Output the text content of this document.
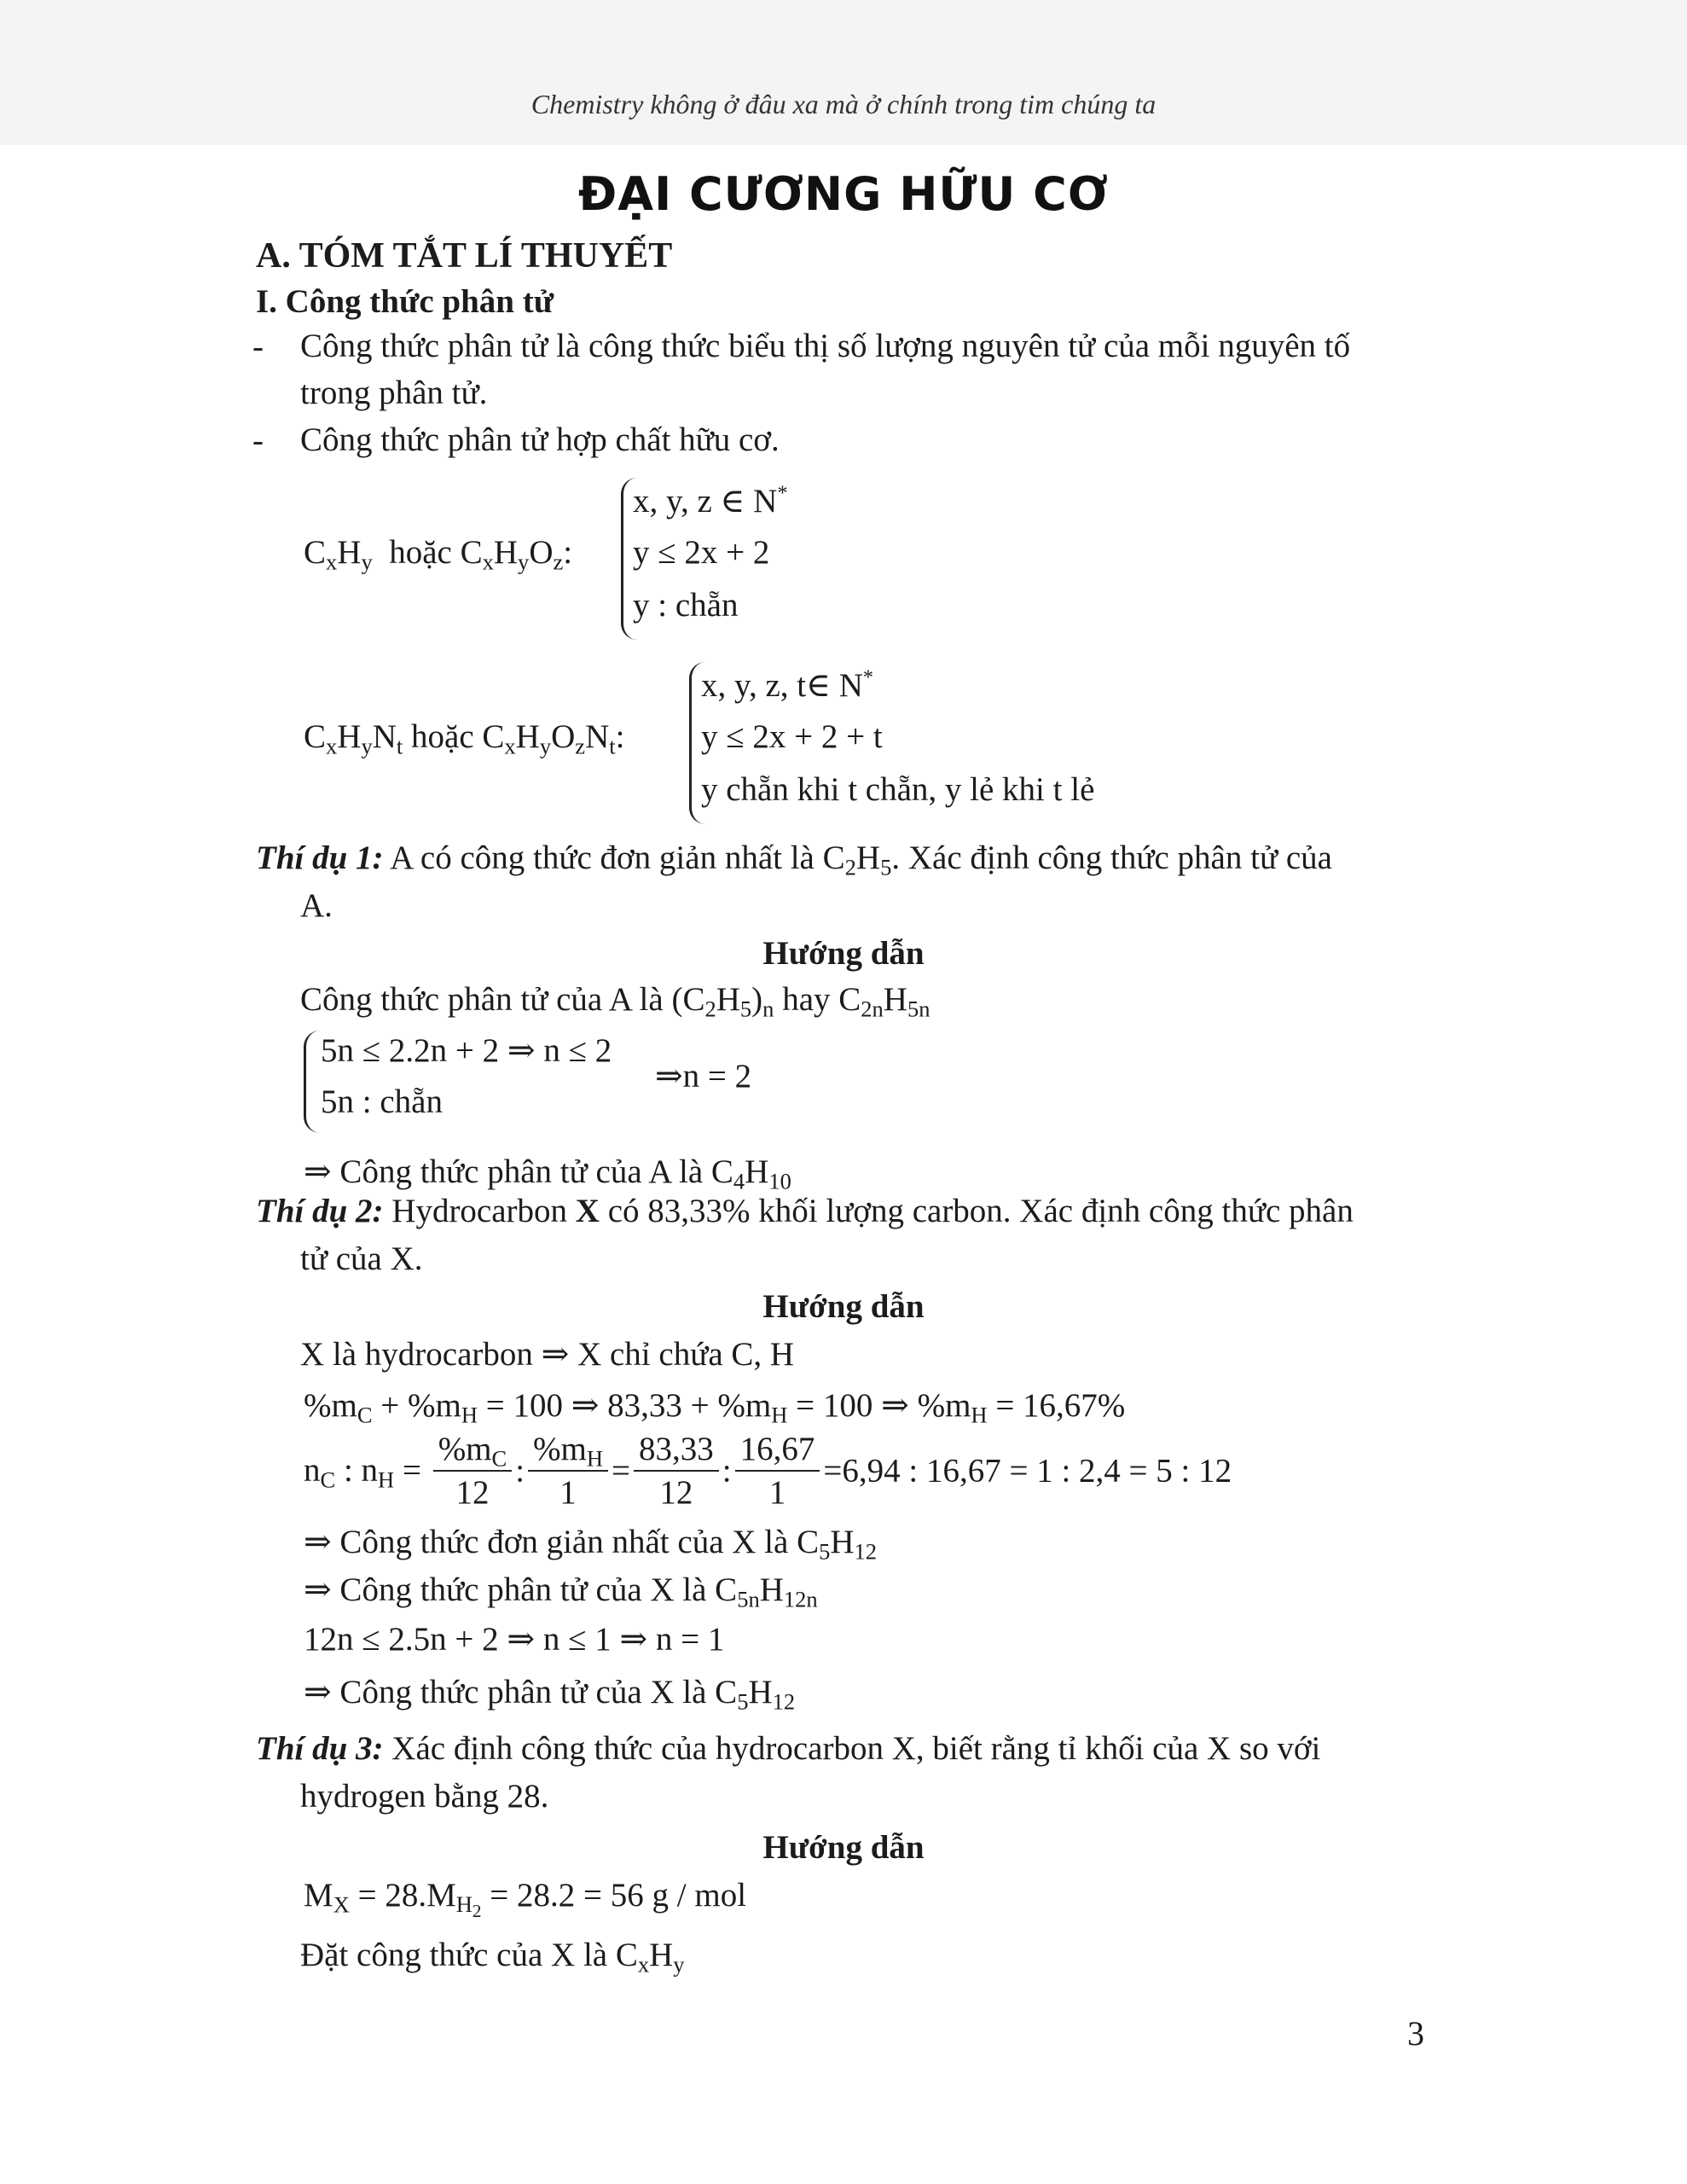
Chemistry không ở đâu xa mà ở chính trong tim chúng ta
ĐẠI CƯƠNG HỮU CƠ
A. TÓM TẮT LÍ THUYẾT
I. Công thức phân tử
- Công thức phân tử là công thức biểu thị số lượng nguyên tử của mỗi nguyên tố
trong phân tử.
- Công thức phân tử hợp chất hữu cơ.
$C_xH_y$ hoặc $C_xH_yO_z$:
x, y, z ∈ N*
y ≤ 2x + 2
y : chẵn
$C_xH_yN_t$ hoặc $C_xH_yO_zN_t$:
x, y, z, t∈ N*
y ≤ 2x + 2 + t
y chẵn khi t chẵn, y lẻ khi t lẻ
Thí dụ 1: A có công thức đơn giản nhất là $C_2H_5$. Xác định công thức phân tử của
A.
Hướng dẫn
Công thức phân tử của A là $(C_2H_5)_n$ hay $C_{2n}H_{5n}$
5n ≤ 2.2n + 2 ⇒ n ≤ 2
5n : chẵn
⇒n = 2
⇒ Công thức phân tử của A là $C_4H_{10}$
Thí dụ 2: Hydrocarbon X có 83,33% khối lượng carbon. Xác định công thức phân
tử của X.
Hướng dẫn
X là hydrocarbon ⇒ X chỉ chứa C, H
$\%m_C + \%m_H = 100$ ⇒ $83,33 + \%m_H = 100$ ⇒ $\%m_H = 16,67\%$
$n_C$ : $n_H = \frac{\%m_C}{12}$ : $\frac{\%m_H}{1} = \frac{83,33}{12}$ : $\frac{16,67}{1} =6,94$ : 16,67 = 1 : 2,4 = 5 : 12
⇒ Công thức đơn giản nhất của X là $C_5H_{12}$
⇒ Công thức phân tử của X là $C_{5n}H_{12n}$
12n ≤ 2.5n + 2 ⇒ n ≤ 1 ⇒ n = 1
⇒ Công thức phân tử của X là $C_5H_{12}$
Thí dụ 3: Xác định công thức của hydrocarbon X, biết rằng tỉ khối của X so với
hydrogen bằng 28.
Hướng dẫn
$M_X = 28.M_{H_2} = 28.2 = 56$ g / mol
Đặt công thức của X là $C_xH_y$
3
